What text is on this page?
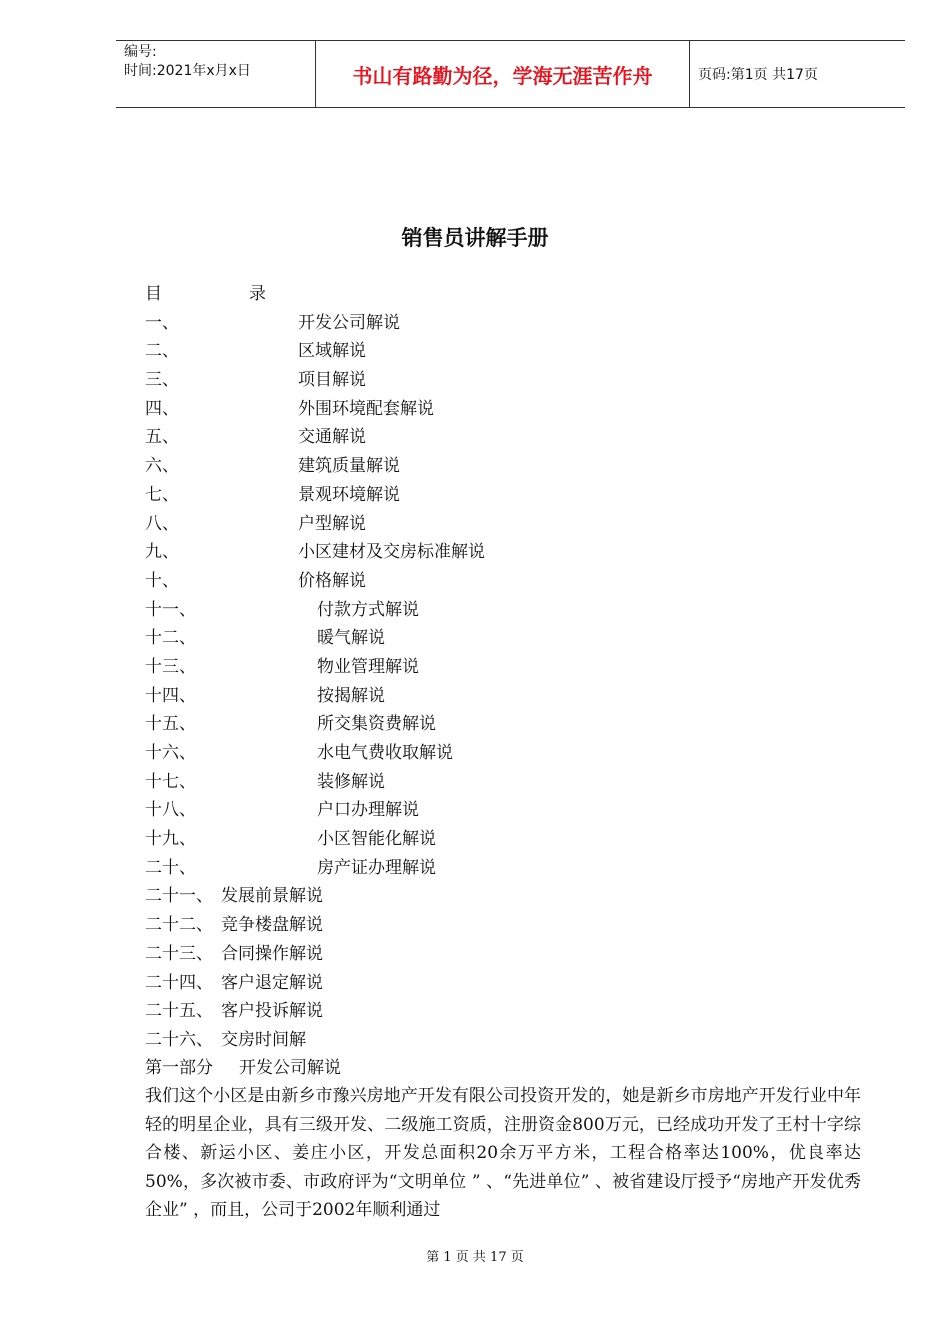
编号:
时间:2021年x月x日	书山有路勤为径，学海无涯苦作舟	页码:第1页 共17页
销售员讲解手册
目	录
一、	开发公司解说
二、	区域解说
三、	项目解说
四、	外围环境配套解说
五、	交通解说
六、	建筑质量解说
七、	景观环境解说
八、	户型解说
九、	小区建材及交房标准解说
十、	价格解说
十一、	付款方式解说
十二、	暖气解说
十三、	物业管理解说
十四、	按揭解说
十五、	所交集资费解说
十六、	水电气费收取解说
十七、	装修解说
十八、	户口办理解说
十九、	小区智能化解说
二十、	房产证办理解说
二十一、 发展前景解说
二十二、 竞争楼盘解说
二十三、 合同操作解说
二十四、 客户退定解说
二十五、 客户投诉解说
二十六、 交房时间解
第一部分 开发公司解说
我们这个小区是由新乡市豫兴房地产开发有限公司投资开发的，她是新乡市房地产开发行业中年轻的明星企业，具有三级开发、二级施工资质，注册资金800万元，已经成功开发了王村十字综合楼、新运小区、姜庄小区，开发总面积20余万平方米，工程合格率达100%，优良率达50%，多次被市委、市政府评为“文明单位 ” 、“先进单位” 、被省建设厅授予“房地产开发优秀企业” ，而且，公司于2002年顺利通过
第 1 页 共 17 页
